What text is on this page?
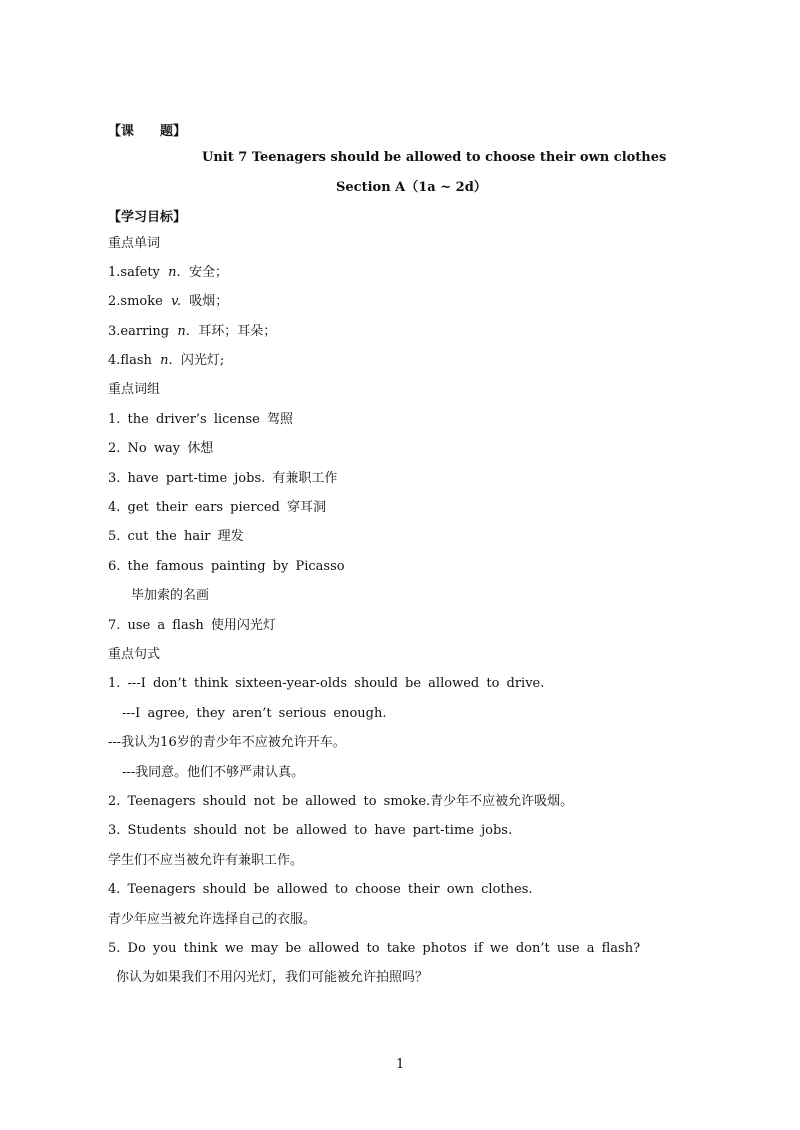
【课　　题】
Unit 7 Teenagers should be allowed to choose their own clothes
Section A（1a ~ 2d）
【学习目标】
重点单词
1.safety n. 安全；
2.smoke v. 吸烟；
3.earring n. 耳环；耳朵；
4.flash n. 闪光灯;
重点词组
1. the driver’s license 驾照
2. No way 休想
3. have part-time jobs. 有兼职工作
4. get their ears pierced 穿耳洞
5. cut the hair 理发
6. the famous painting by Picasso
毕加索的名画
7. use a flash 使用闪光灯
重点句式
1. ---I don’t think sixteen-year-olds should be allowed to drive.
---I agree, they aren’t serious enough.
---我认为16岁的青少年不应被允许开车。
---我同意。他们不够严肃认真。
2. Teenagers should not be allowed to smoke.青少年不应被允许吸烟。
3. Students should not be allowed to have part-time jobs.
学生们不应当被允许有兼职工作。
4. Teenagers should be allowed to choose their own clothes.
青少年应当被允许选择自己的衣服。
5. Do you think we may be allowed to take photos if we don’t use a flash?
你认为如果我们不用闪光灯，我们可能被允许拍照吗？
1
